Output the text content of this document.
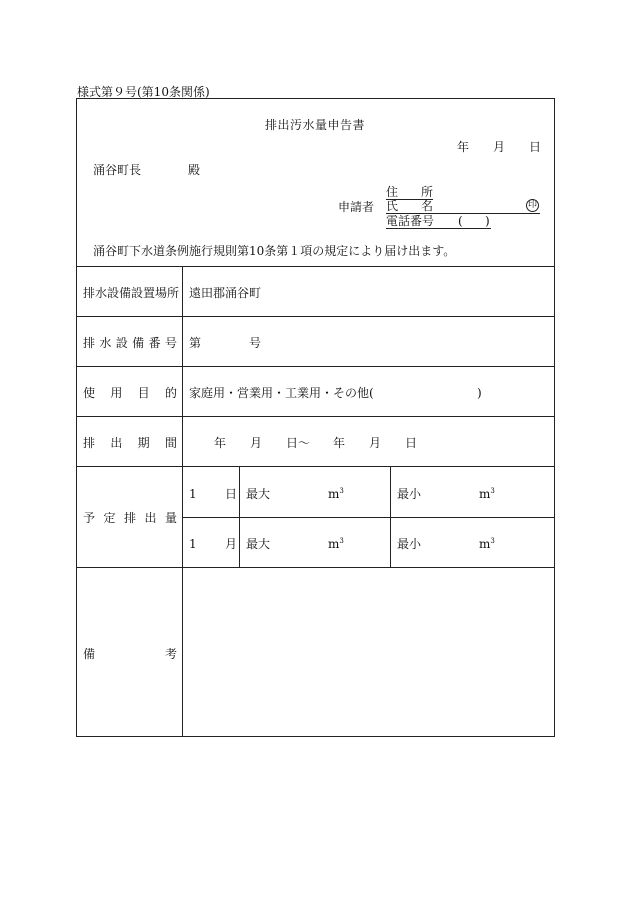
様式第９号(第10条関係)
排出汚水量申告書
年 月 日
涌谷町長	殿
申請者
住 所
氏 名	印
電話番号 ( )
涌谷町下水道条例施行規則第10条第１項の規定により届け出ます。
排水設備設置場所 遠田郡涌谷町
排 水 設 備 番 号 第	号
使 用 目 的 家庭用・営業用・工業用・その他(	)
排 出 期 間	年 月 日～ 年 月 日
予 定 排 出 量
1 日 最大	$m^3$	最小	$m^3$
1 月 最大	$m^3$	最小	$m^3$
備	考
